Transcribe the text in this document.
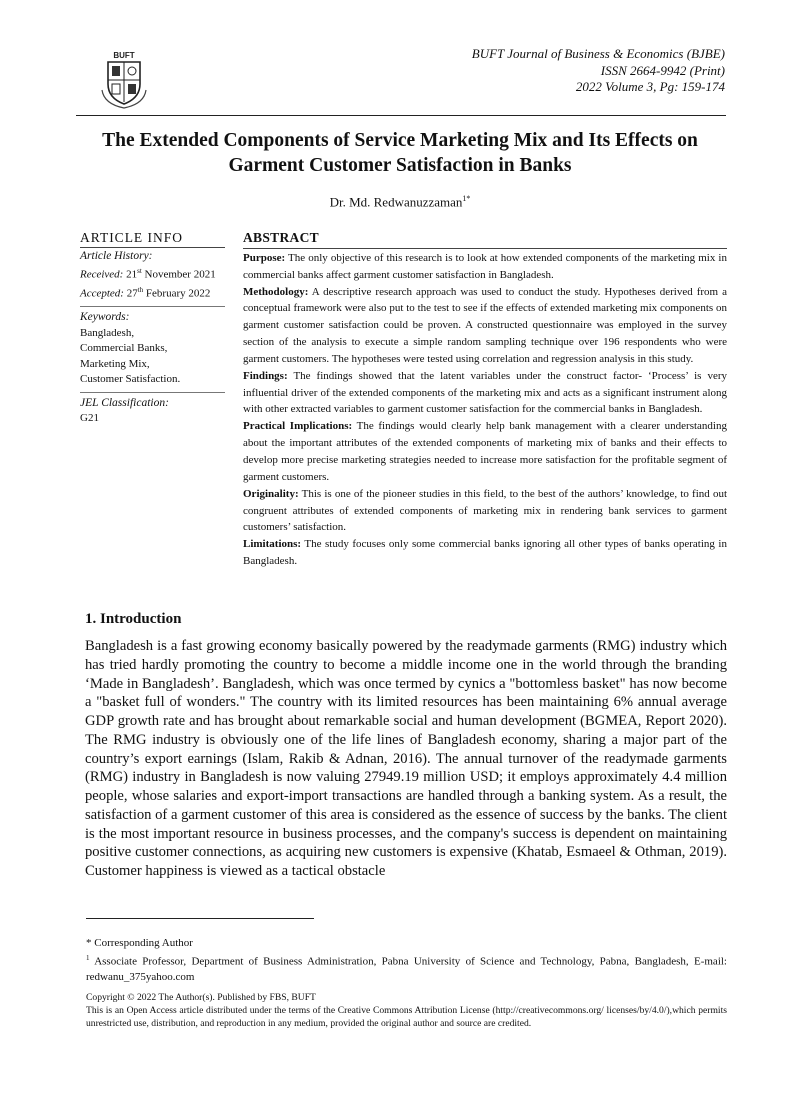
BUFT	BUFT Journal of Business & Economics (BJBE)
ISSN 2664-9942 (Print)
2022 Volume 3, Pg: 159-174
The Extended Components of Service Marketing Mix and Its Effects on
Garment Customer Satisfaction in Banks
Dr. Md. Redwanuzzaman$^{1*}$
ARTICLE INFO
Article History:
Received: 21st November 2021
Accepted: 27th February 2022
Keywords:
Bangladesh,
Commercial Banks,
Marketing Mix,
Customer Satisfaction.
JEL Classification:
G21
ABSTRACT

Purpose: The only objective of this research is to look at how extended components of the marketing mix in commercial banks affect garment customer satisfaction in Bangladesh.

Methodology: A descriptive research approach was used to conduct the study. Hypotheses derived from a conceptual framework were also put to the test to see if the effects of extended marketing mix components on garment customer satisfaction could be proven. A constructed questionnaire was employed in the survey section of the analysis to execute a simple random sampling technique over 196 respondents who were garment customers. The hypotheses were tested using correlation and regression analysis in this study.

Findings: The findings showed that the latent variables under the construct factor- ‘Process’ is very influential driver of the extended components of the marketing mix and acts as a significant instrument along with other extracted variables to garment customer satisfaction for the commercial banks in Bangladesh.

Practical Implications: The findings would clearly help bank management with a clearer understanding about the important attributes of the extended components of marketing mix of banks and their effects to develop more precise marketing strategies needed to increase more satisfaction for the profitable segment of garment customers.

Originality: This is one of the pioneer studies in this field, to the best of the authors’ knowledge, to find out congruent attributes of extended components of marketing mix in rendering bank services to garment customers’ satisfaction.

Limitations: The study focuses only some commercial banks ignoring all other types of banks operating in Bangladesh.

1. Introduction

Bangladesh is a fast growing economy basically powered by the readymade garments (RMG) industry which has tried hardly promoting the country to become a middle income one in the world through the branding ‘Made in Bangladesh’. Bangladesh, which was once termed by cynics a "bottomless basket" has now become a "basket full of wonders." The country with its limited resources has been maintaining 6% annual average GDP growth rate and has brought about remarkable social and human development (BGMEA, Report 2020). The RMG industry is obviously one of the life lines of Bangladesh economy, sharing a major part of the country’s export earnings (Islam, Rakib & Adnan, 2016). The annual turnover of the readymade garments (RMG) industry in Bangladesh is now valuing 27949.19 million USD; it employs approximately 4.4 million people, whose salaries and export-import transactions are handled through a banking system. As a result, the satisfaction of a garment customer of this area is considered as the essence of success by the banks. The client is the most important resource in business processes, and the company's success is dependent on maintaining positive customer connections, as acquiring new customers is expensive (Khatab, Esmaeel & Othman, 2019). Customer happiness is viewed as a tactical obstacle

* Corresponding Author

$^1$ Associate Professor, Department of Business Administration, Pabna University of Science and Technology, Pabna, Bangladesh, E-mail: redwanu_375yahoo.com

Copyright © 2022 The Author(s). Published by FBS, BUFT

This is an Open Access article distributed under the terms of the Creative Commons Attribution License (http://creativecommons.org/ licenses/by/4.0/),which permits unrestricted use, distribution, and reproduction in any medium, provided the original author and source are credited.
